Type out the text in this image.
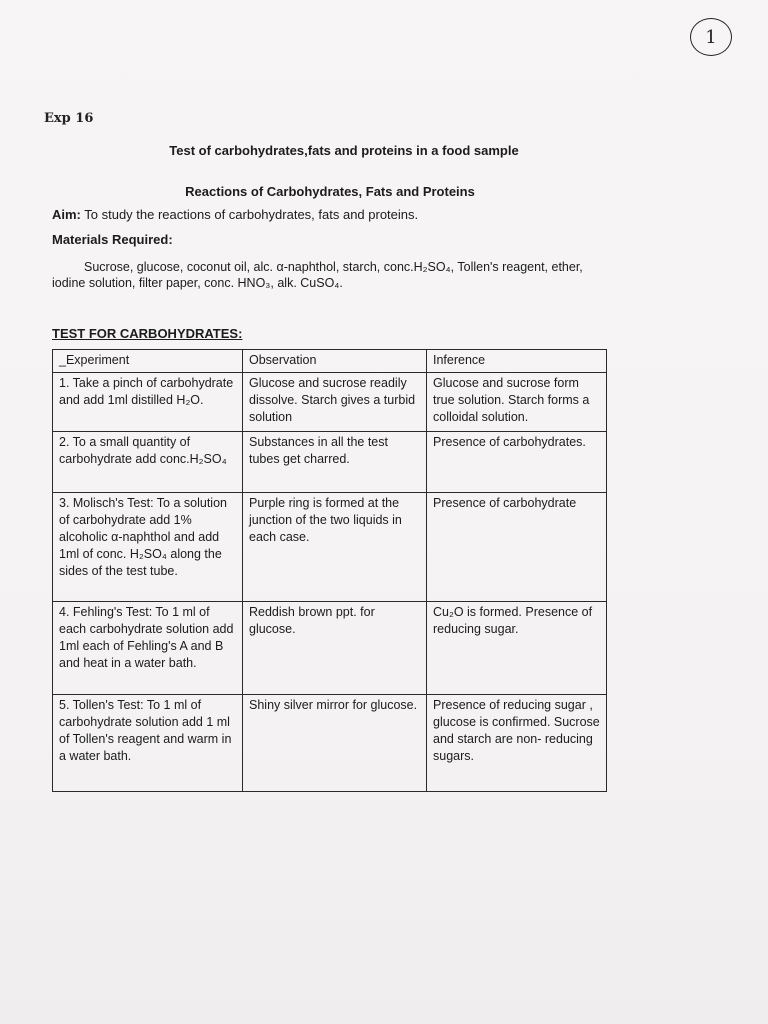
1
Exp 16
Test of carbohydrates,fats and proteins in a food sample
Reactions of Carbohydrates, Fats and Proteins
Aim: To study the reactions of carbohydrates, fats and proteins.
Materials Required:
Sucrose, glucose, coconut oil, alc. α-naphthol, starch, conc.H₂SO₄, Tollen's reagent, ether, iodine solution, filter paper, conc. HNO₃, alk. CuSO₄.
TEST FOR CARBOHYDRATES:
_Experiment	Observation	Inference
1. Take a pinch of carbohydrate and add 1ml distilled H₂O.	Glucose and sucrose readily dissolve. Starch gives a turbid solution	Glucose and sucrose form true solution. Starch forms a colloidal solution.
2. To a small quantity of carbohydrate add conc.H₂SO₄	Substances in all the test tubes get charred.	Presence of carbohydrates.
3. Molisch's Test: To a solution of carbohydrate add 1% alcoholic α-naphthol and add 1ml of conc. H₂SO₄ along the sides of the test tube.	Purple ring is formed at the junction of the two liquids in each case.	Presence of carbohydrate
4. Fehling's Test: To 1 ml of each carbohydrate solution add 1ml each of Fehling's A and B and heat in a water bath.	Reddish brown ppt. for glucose.	Cu₂O is formed. Presence of reducing sugar.
5. Tollen's Test: To 1 ml of carbohydrate solution add 1 ml of Tollen's reagent and warm in a water bath.	Shiny silver mirror for glucose.	Presence of reducing sugar , glucose is confirmed. Sucrose and starch are non- reducing sugars.
